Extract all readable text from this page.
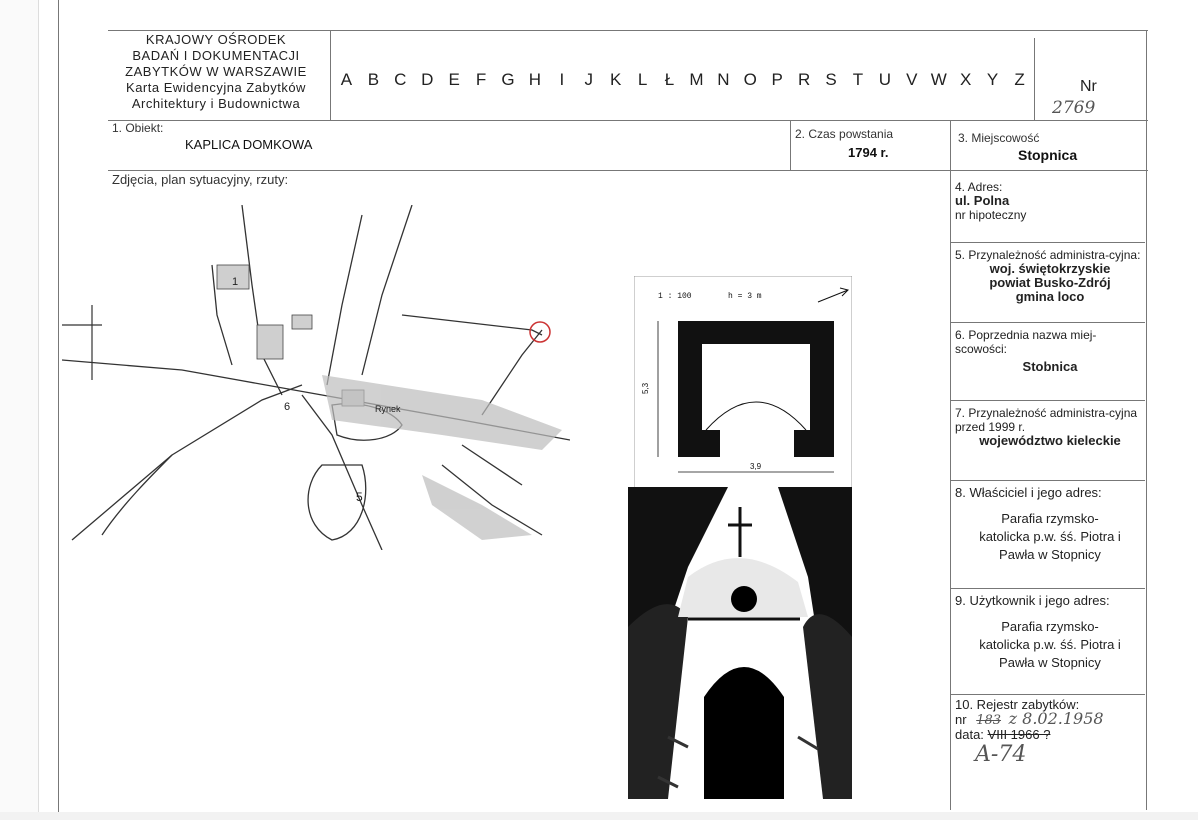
KRAJOWY OŚRODEK
BADAŃ I DOKUMENTACJI
ZABYTKÓW W WARSZAWIE
Karta Ewidencyjna Zabytków
Architektury i Budownictwa
A B C D E F G H	I	J	K L	Ł M N O P R S T U V W X Y Z	Nr
2769
1. Obiekt:
KAPLICA DOMKOWA
2. Czas powstania
1794 r.
3. Miejscowość
Stopnica
Zdjęcia, plan sytuacyjny, rzuty:	4. Adres:
ul. Polna
nr hipoteczny
5. Przynależność administra-cyjna:
woj. świętokrzyskie
powiat Busko-Zdrój
gmina loco
6. Poprzednia nazwa miej-scowości:
Stobnica
7. Przynależność administra-cyjna przed 1999 r.
województwo kieleckie
8. Właściciel i jego adres:
Parafia rzymsko-
katolicka p.w. śś. Piotra i
Pawła w Stopnicy
9. Użytkownik i jego adres:
Parafia rzymsko-
katolicka p.w. śś. Piotra i
Pawła w Stopnicy
10. Rejestr zabytków:
nr 183 z 8.02.1958
data: VIII 1966 ?
A-74
1
6	Rynek
5
1 : 100	h = 3 m
5,3
3,9
